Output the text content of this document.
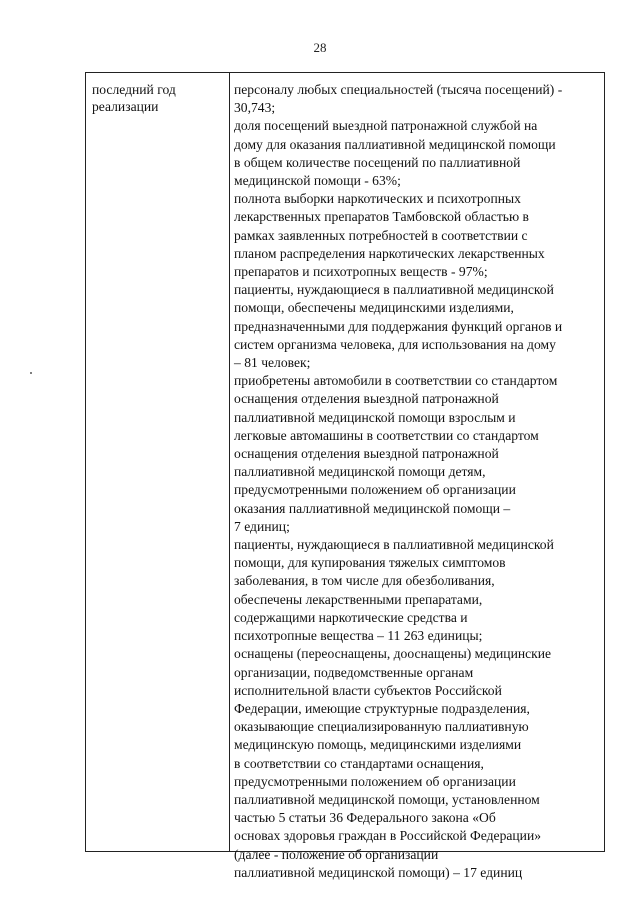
28
последний год
реализации
персоналу любых специальностей (тысяча посещений) -
30,743;
доля посещений выездной патронажной службой на
дому для оказания паллиативной медицинской помощи
в общем количестве посещений по паллиативной
медицинской помощи - 63%;
полнота выборки наркотических и психотропных
лекарственных препаратов Тамбовской областью в
рамках заявленных потребностей в соответствии с
планом распределения наркотических лекарственных
препаратов и психотропных веществ - 97%;
пациенты, нуждающиеся в паллиативной медицинской
помощи, обеспечены медицинскими изделиями,
предназначенными для поддержания функций органов и
систем организма человека, для использования на дому
– 81 человек;
приобретены автомобили в соответствии со стандартом
оснащения отделения выездной патронажной
паллиативной медицинской помощи взрослым и
легковые автомашины в соответствии со стандартом
оснащения отделения выездной патронажной
паллиативной медицинской помощи детям,
предусмотренными положением об организации
оказания паллиативной медицинской помощи –
7 единиц;
пациенты, нуждающиеся в паллиативной медицинской
помощи, для купирования тяжелых симптомов
заболевания, в том числе для обезболивания,
обеспечены лекарственными препаратами,
содержащими наркотические средства и
психотропные вещества – 11 263 единицы;
оснащены (переоснащены, дооснащены) медицинские
организации, подведомственные органам
исполнительной власти субъектов Российской
Федерации, имеющие структурные подразделения,
оказывающие специализированную паллиативную
медицинскую помощь, медицинскими изделиями
в соответствии со стандартами оснащения,
предусмотренными положением об организации
паллиативной медицинской помощи, установленном
частью 5 статьи 36 Федерального закона «Об
основах здоровья граждан в Российской Федерации»
(далее - положение об организации
паллиативной медицинской помощи) – 17 единиц
